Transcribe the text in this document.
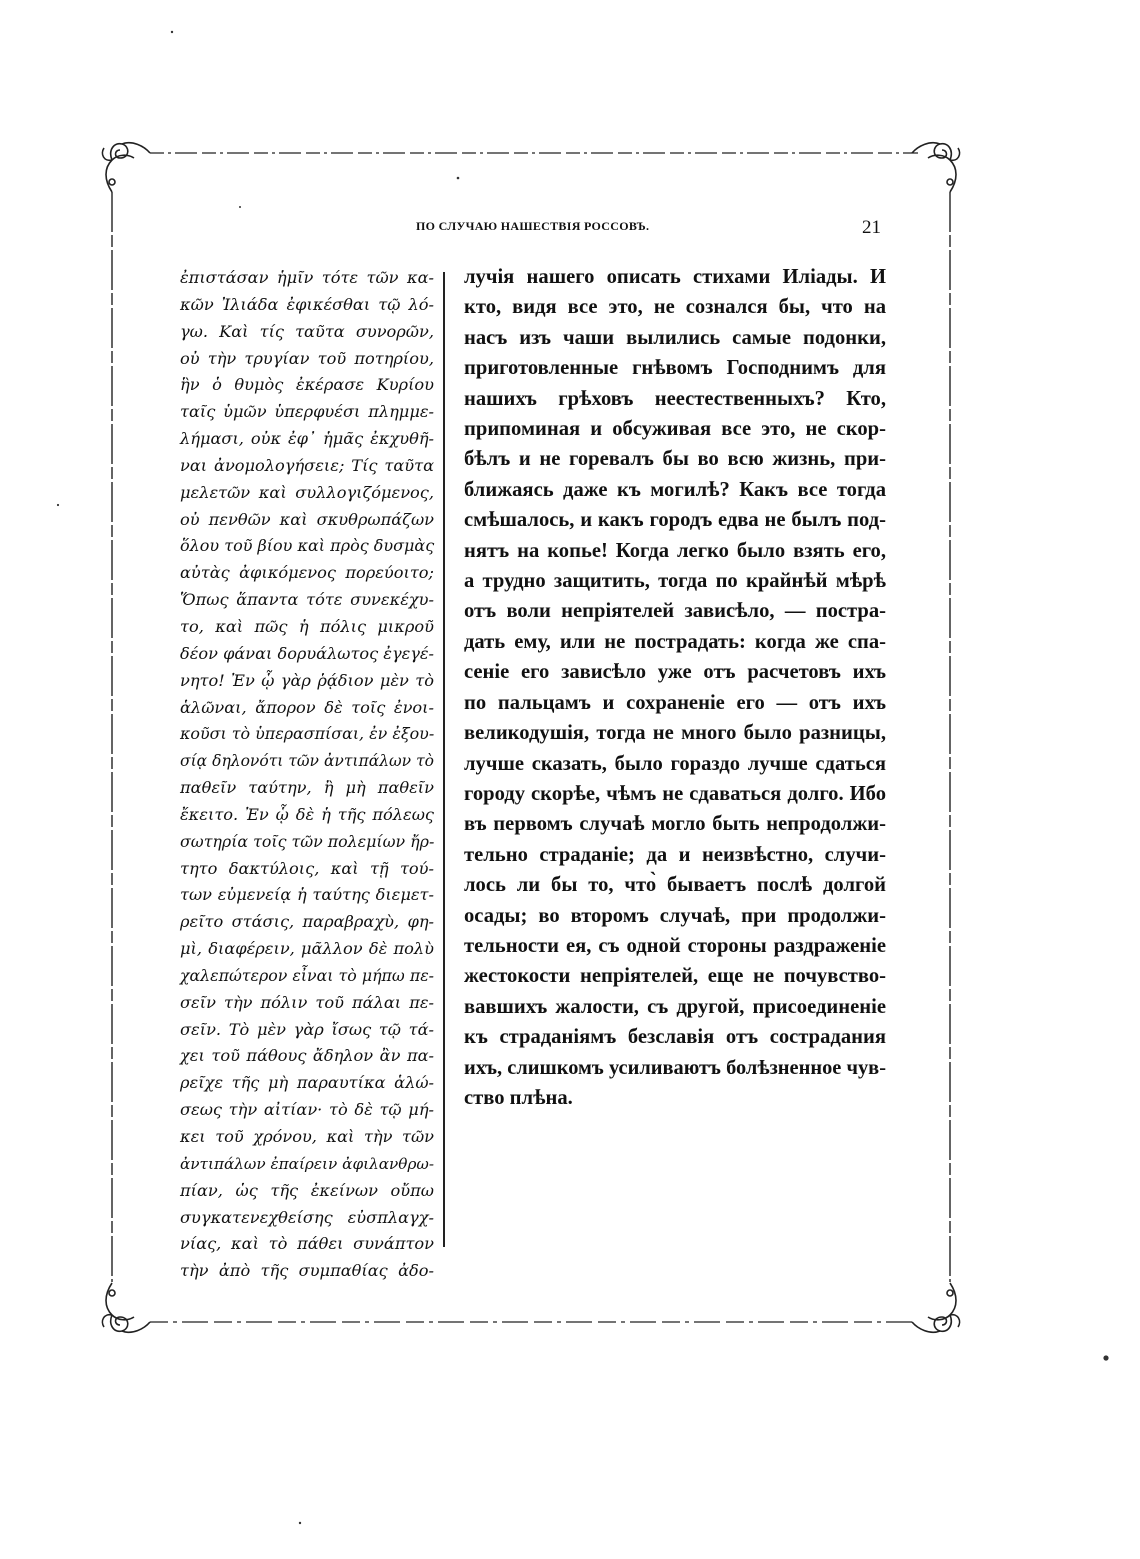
ПО СЛУЧАЮ НАШЕСТВІЯ РОССОВЪ.	21
ἐπιστάσαν ἡμῖν τότε τῶν κα-
κῶν Ἰλιάδα ἐφικέσθαι τῷ λό-
γω. Καὶ τίς ταῦτα συνορῶν,
οὐ τὴν τρυγίαν τοῦ ποτηρίου,
ἣν ὁ θυμὸς ἐκέρασε Κυρίου
ταῖς ὑμῶν ὑπερφυέσι πλημμε-
λήμασι, οὐκ ἐφ᾽ ἡμᾶς ἐκχυθῆ-
ναι ἀνομολογήσειε; Τίς ταῦτα
μελετῶν καὶ συλλογιζόμενος,
οὐ πενθῶν καὶ σκυθρωπάζων
ὅλου τοῦ βίου καὶ πρὸς δυσμὰς
αὐτὰς ἀφικόμενος πορεύοιτο;
Ὅπως ἅπαντα τότε συνεκέχυ-
το, καὶ πῶς ἡ πόλις μικροῦ
δέον φάναι δορυάλωτος ἐγεγέ-
νητο! Ἐν ᾧ γὰρ ῥᾴδιον μὲν τὸ
ἁλῶναι, ἄπορον δὲ τοῖς ἐνοι-
κοῦσι τὸ ὑπερασπίσαι, ἐν ἐξου-
σίᾳ δηλονότι τῶν ἀντιπάλων τὸ
παθεῖν ταύτην, ἢ μὴ παθεῖν
ἔκειτο. Ἐν ᾧ δὲ ἡ τῆς πόλεως
σωτηρία τοῖς τῶν πολεμίων ἤρ-
τητο δακτύλοις, καὶ τῇ τού-
των εὐμενείᾳ ἡ ταύτης διεμετ-
ρεῖτο στάσις, παραβραχὺ, φη-
μὶ, διαφέρειν, μᾶλλον δὲ πολὺ
χαλεπώτερον εἶναι τὸ μήπω πε-
σεῖν τὴν πόλιν τοῦ πάλαι πε-
σεῖν. Τὸ μὲν γὰρ ἴσως τῷ τά-
χει τοῦ πάθους ἄδηλον ἂν πα-
ρεῖχε τῆς μὴ παραυτίκα ἁλώ-
σεως τὴν αἰτίαν· τὸ δὲ τῷ μή-
κει τοῦ χρόνου, καὶ τὴν τῶν
ἀντιπάλων ἐπαίρειν ἀφιλανθρω-
πίαν, ὡς τῆς ἐκείνων οὔπω
συγκατενεχθείσης εὐσπλαγχ-
νίας, καὶ τὸ πάθει συνάπτον
τὴν ἀπὸ τῆς συμπαθίας ἀδο-
лучія нашего описать стихами Иліады. И
кто, видя все это, не сознался бы, что на
насъ изъ чаши вылились самые подонки,
приготовленные гнѣвомъ Господнимъ для
нашихъ грѣховъ неестественныхъ? Кто,
припоминая и обсуживая все это, не скор-
бѣлъ и не горевалъ бы во всю жизнь, при-
ближаясь даже къ могилѣ? Какъ все тогда
смѣшалось, и какъ городъ едва не былъ под-
нятъ на копье! Когда легко было взять его,
а трудно защитить, тогда по крайнѣй мѣрѣ
отъ воли непріятелей зависѣло, — постра-
дать ему, или не пострадать: когда же спа-
сеніе его зависѣло уже отъ расчетовъ ихъ
по пальцамъ и сохраненіе его — отъ ихъ
великодушія, тогда не много было разницы,
лучше сказать, было гораздо лучше сдаться
городу скорѣе, чѣмъ не сдаваться долго. Ибо
въ первомъ случаѣ могло быть непродолжи-
тельно страданіе; да и неизвѣстно, случи-
лось ли бы то, что̀ бываетъ послѣ долгой
осады; во второмъ случаѣ, при продолжи-
тельности ея, съ одной стороны раздраженіе
жестокости непріятелей, еще не почувство-
вавшихъ жалости, съ другой, присоединеніе
къ страданіямъ безславія отъ сострадания
ихъ, слишкомъ усиливаютъ болѣзненное чув-
ство плѣна.
